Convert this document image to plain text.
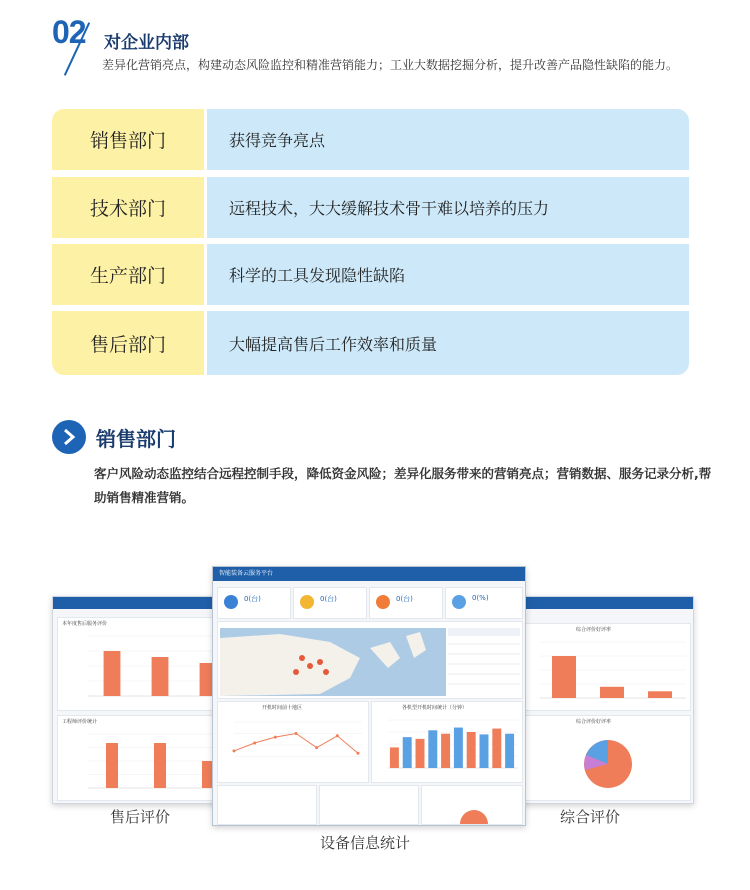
02 对企业内部
差异化营销亮点，构建动态风险监控和精准营销能力；工业大数据挖掘分析，提升改善产品隐性缺陷的能力。
销售部门	获得竞争亮点
技术部门	远程技术，大大缓解技术骨干难以培养的压力
生产部门	科学的工具发现隐性缺陷
售后部门	大幅提高售后工作效率和质量
销售部门
客户风险动态监控结合远程控制手段，降低资金风险；差异化服务带来的营销亮点；营销数据、服务记录分析,帮助销售精准营销。
本年度售后服务评价
工程师评价统计
综合评价好评率
综合评价好评率
智能装备云服务平台
0(台)	0(台)	0(台)	0(%)
开机时间前十地区	各机型开机时间统计（分钟）
售后评价
设备信息统计
综合评价
